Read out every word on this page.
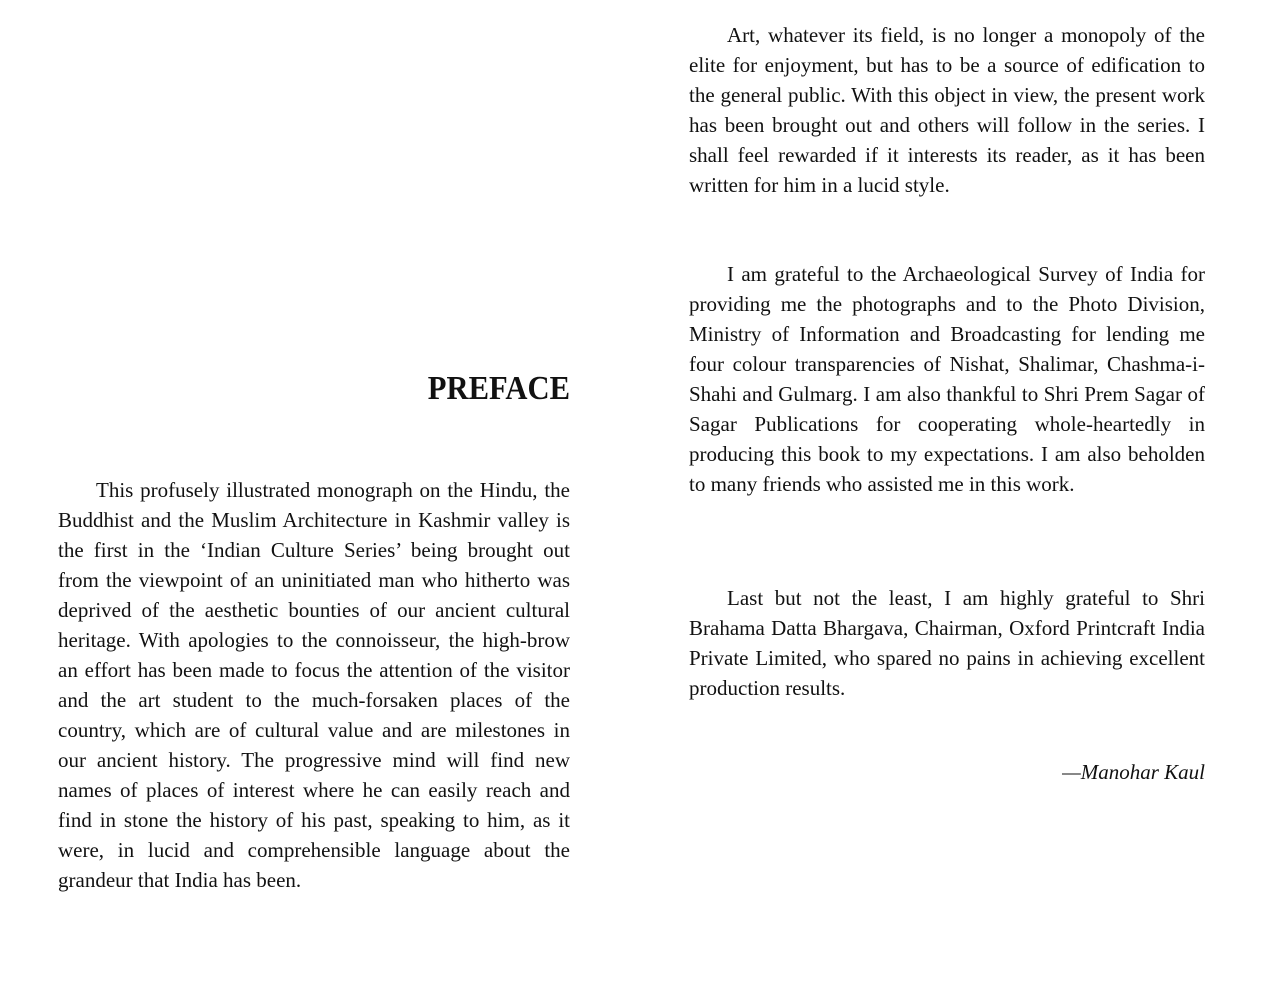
PREFACE

This profusely illustrated monograph on the Hindu, the Buddhist and the Muslim Architecture in Kashmir valley is the first in the ‘Indian Culture Series’ being brought out from the viewpoint of an uninitiated man who hitherto was deprived of the aesthetic bounties of our ancient cultural heritage. With apologies to the connoisseur, the high-brow an effort has been made to focus the attention of the visitor and the art student to the much-forsaken places of the country, which are of cultural value and are milestones in our ancient history. The progressive mind will find new names of places of interest where he can easily reach and find in stone the history of his past, speaking to him, as it were, in lucid and comprehensible language about the grandeur that India has been.

Art, whatever its field, is no longer a monopoly of the elite for enjoyment, but has to be a source of edification to the general public. With this object in view, the present work has been brought out and others will follow in the series. I shall feel rewarded if it interests its reader, as it has been written for him in a lucid style.

I am grateful to the Archaeological Survey of India for providing me the photographs and to the Photo Division, Ministry of Information and Broadcasting for lending me four colour transparencies of Nishat, Shalimar, Chashma-i-Shahi and Gulmarg. I am also thankful to Shri Prem Sagar of Sagar Publications for cooperating whole-heartedly in producing this book to my expectations. I am also beholden to many friends who assisted me in this work.

Last but not the least, I am highly grateful to Shri Brahama Datta Bhargava, Chairman, Oxford Printcraft India Private Limited, who spared no pains in achieving excellent production results.

—Manohar Kaul
